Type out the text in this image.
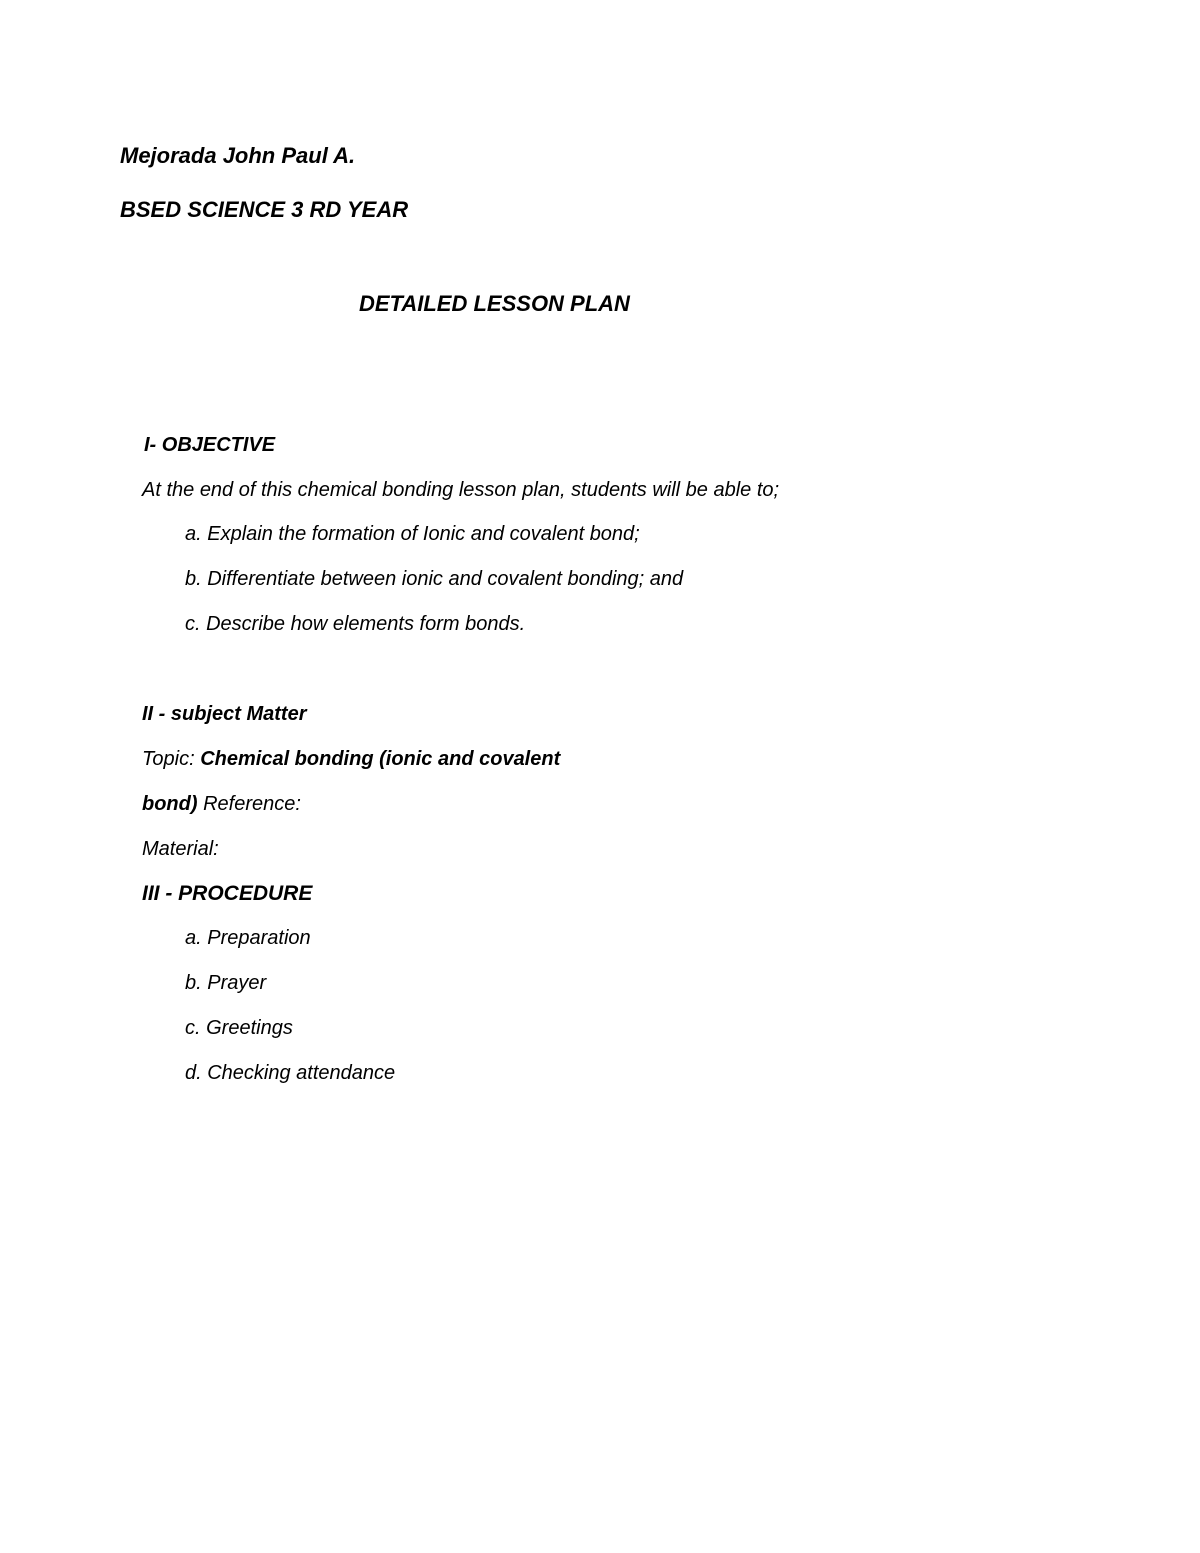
Mejorada John Paul A.
BSED SCIENCE 3 RD YEAR
DETAILED LESSON PLAN
I- OBJECTIVE
At the end of this chemical bonding lesson plan, students will be able to;
a. Explain the formation of Ionic and covalent bond;
b. Differentiate between ionic and covalent bonding; and
c. Describe how elements form bonds.
II - subject Matter
Topic: Chemical bonding (ionic and covalent
bond) Reference:
Material:
III - PROCEDURE
a. Preparation
b. Prayer
c. Greetings
d. Checking attendance
